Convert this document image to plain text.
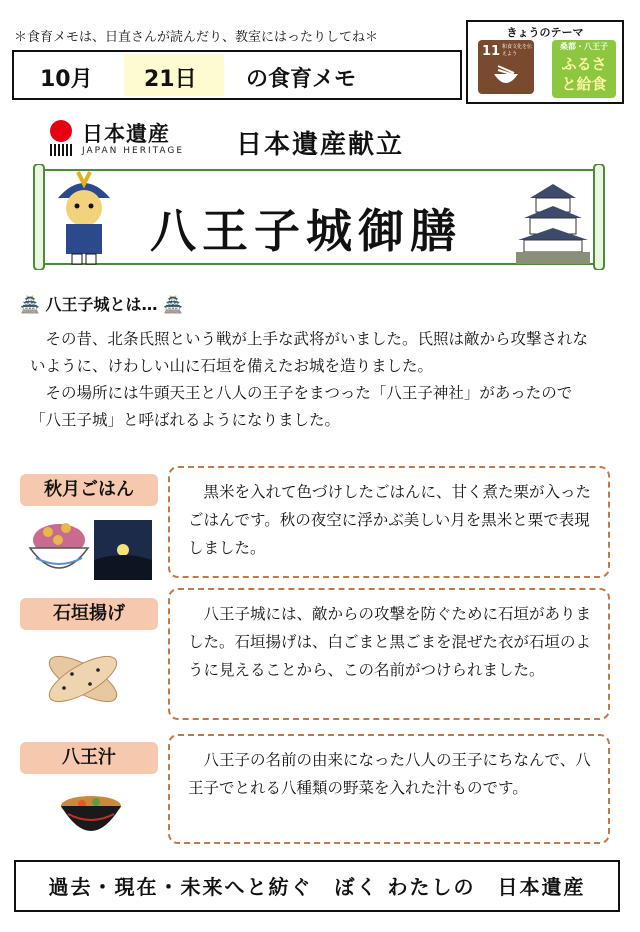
＊食育メモは、日直さんが読んだり、教室にはったりしてね＊
10月 21日 の食育メモ
きょうのテーマ
11 和食文化を伝えよう
桑都・八王子
ふるさと給食
日本遺産
JAPAN HERITAGE 日本遺産献立
八王子城御膳
🏯 八王子城とは… 🏯
その昔、北条氏照という戦が上手な武将がいました。氏照は敵から攻撃されないように、けわしい山に石垣を備えたお城を造りました。
その場所には牛頭天王と八人の王子をまつった「八王子神社」があったので「八王子城」と呼ばれるようになりました。
秋月ごはん	黒米を入れて色づけしたごはんに、甘く煮た栗が入ったごはんです。秋の夜空に浮かぶ美しい月を黒米と栗で表現しました。
石垣揚げ	八王子城には、敵からの攻撃を防ぐために石垣がありました。石垣揚げは、白ごまと黒ごまを混ぜた衣が石垣のように見えることから、この名前がつけられました。
八王汁	八王子の名前の由来になった八人の王子にちなんで、八王子でとれる八種類の野菜を入れた汁ものです。
過去・現在・未来へと紡ぐ　ぼく わたしの　日本遺産
